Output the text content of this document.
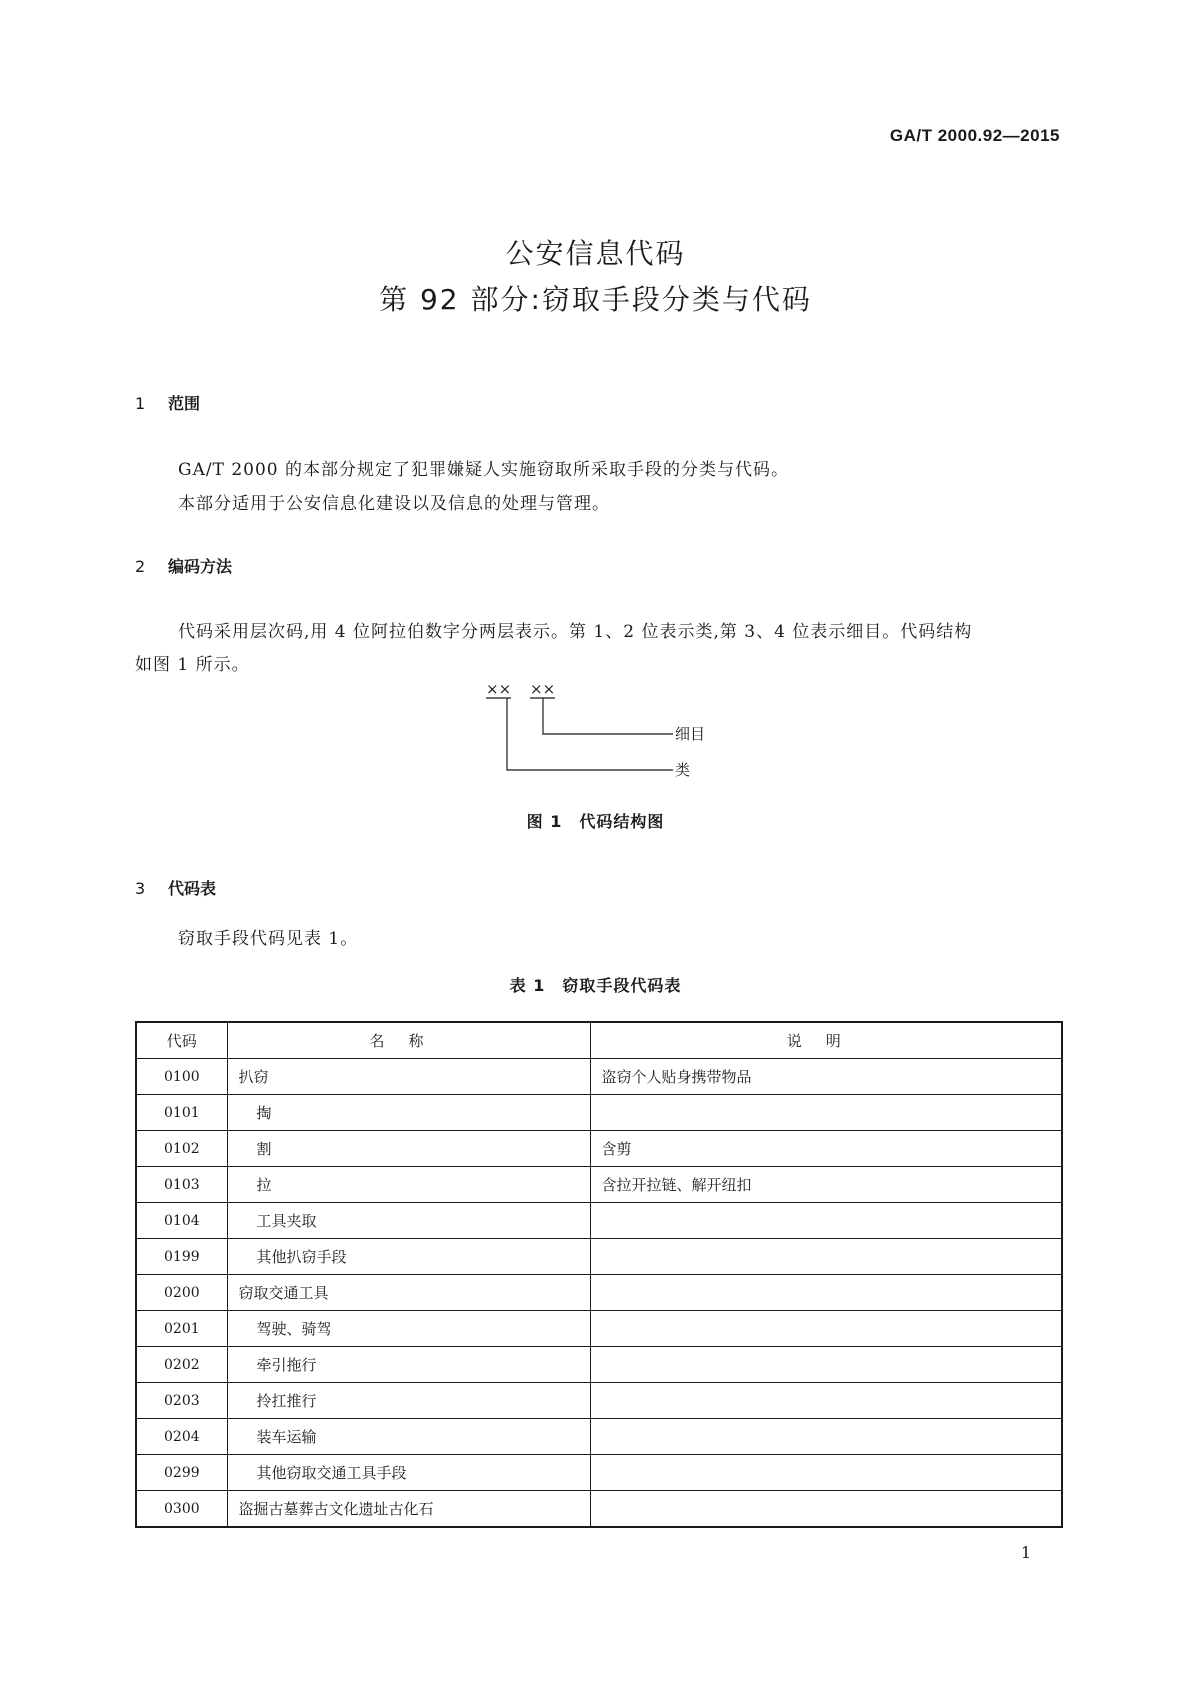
GA/T 2000.92—2015
公安信息代码
第 92 部分:窃取手段分类与代码
1 范围
GA/T 2000 的本部分规定了犯罪嫌疑人实施窃取所采取手段的分类与代码。
本部分适用于公安信息化建设以及信息的处理与管理。
2 编码方法
代码采用层次码,用 4 位阿拉伯数字分两层表示。第 1、2 位表示类,第 3、4 位表示细目。代码结构
如图 1 所示。
×× ××
细目
类
图 1　代码结构图
3 代码表
窃取手段代码见表 1。
表 1　窃取手段代码表
代码	名称	说明
0100	扒窃	盗窃个人贴身携带物品
0101	掏	
0102	割	含剪
0103	拉	含拉开拉链、解开纽扣
0104	工具夹取	
0199	其他扒窃手段	
0200	窃取交通工具	
0201	驾驶、骑驾	
0202	牵引拖行	
0203	拎扛推行	
0204	装车运输	
0299	其他窃取交通工具手段	
0300	盗掘古墓葬古文化遗址古化石	
1
